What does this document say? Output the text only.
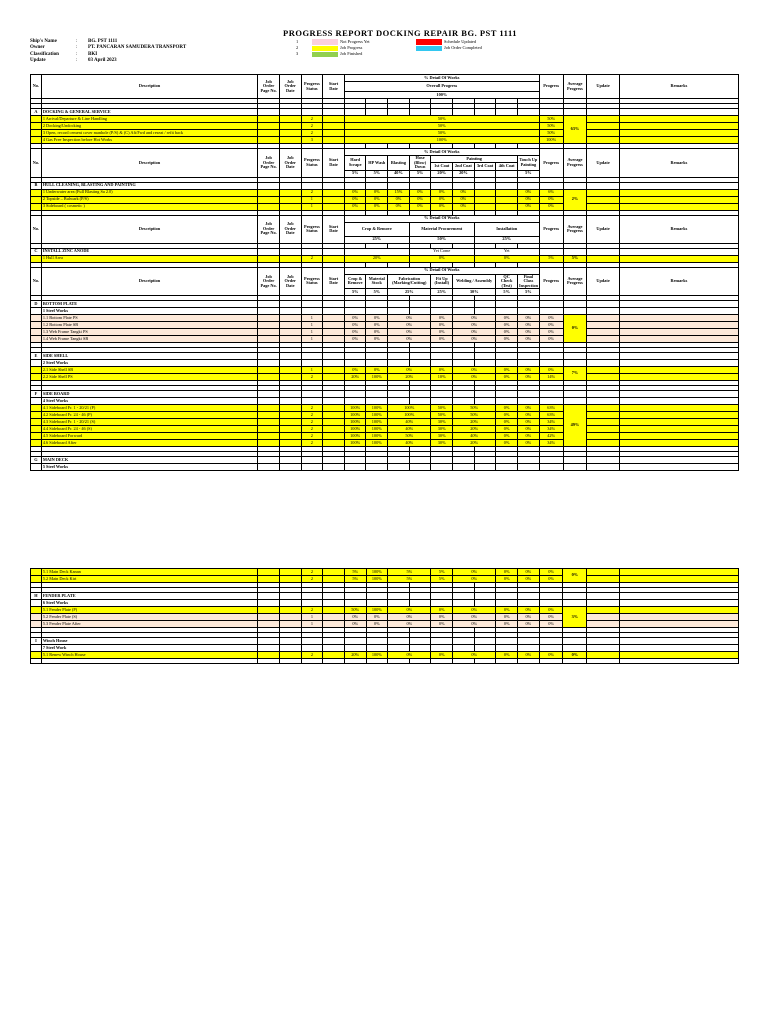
PROGRESS REPORT DOCKING REPAIR BG. PST 1111
Ship's Name	:	BG. PST 1111
Owner	:	PT. PANCARAN SAMUDERA TRANSPORT
Classification	:	BKI
Update	:	03 April 2023
1	Not Progress Yet	Schedule Updated
2	Job Progress	Job Order Completed
3	Job Finished
No.	Description	Job Order Page No.	Job Order Date	Progress Status	Start Date	% Detail Of Works									Progress	Average Progress	Update	Remarks
						Overall Progress												
						100%												

A	DOCKING & GENERAL SERVICE																	
	1 Arrival/Departure & Line Handling			2		50%									50%	63%		
	2 Docking/Undocking			2		50%									50%			
	3 Open, record cement cover manhole (P/S) & (C) Aft/Fwd and reseat / refit back			2		50%									50%			
	4 Gas Free Inspection before Hot Works			3		100%									100%			

No.	Description	Job Order Page No.	Job Order Date	Progress Status	Start Date	% Detail Of Works									Progress	Average Progress	Update	Remarks
						Hard Scrape	HP Wash	Blasting	Hose (Blow) Down	Painting				Touch Up Painting				
										1st Coat	2nd Coat	3rd Coat	4th Coat					
						5%	5%	40%	5%	20%	20%			5%				

B	HULL CLEANING, BLASTING AND PAINTING																	
	1 Underwater area (Full Blasting Sa 2.0)			2		0%	0%	15%	0%	0%	0%			0%	6%	2%		
	2 Topside – Bulwark (P/S)			1		0%	0%	0%	0%	0%	0%			0%	0%			
	3 Sideboard ( cosmetic )			1		0%	0%	0%	0%	0%	0%			0%	0%			

No.	Description	Job Order Page No.	Job Order Date	Progress Status	Start Date	% Detail Of Works									Progress	Average Progress	Update	Remarks
						Crop & Remove			Material Procurement			Installation						
						25%			50%			25%						

C	INSTALL ZINC ANODE								Yet Come			Yet						
	1 Hull Area			2		20%			0%			0%			5%	5%		

No.	Description	Job Order Page No.	Job Order Date	Progress Status	Start Date	% Detail Of Works									Progress	Average Progress	Update	Remarks
						Crop & Remove	Material Stock	Fabrication (Marking/Cutting)		Fit Up (Install)	Welding / Assembly		QC Check (Test)	Final Class Inspection				
						5%	5%	25%		25%	30%		5%	5%				

D	BOTTOM PLATE																	
	1 Steel Works																	
	1.1 Bottom Plate PS			1		0%	0%	0%		0%	0%		0%	0%	0%	0%		
	1.2 Bottom Plate SB			1		0%	0%	0%		0%	0%		0%	0%	0%			
	1.3 Web Frame Tangki PS			1		0%	0%	0%		0%	0%		0%	0%	0%			
	1.4 Web Frame Tangki SB			1		0%	0%	0%		0%	0%		0%	0%	0%			

E	SIDE SHELL																	
	2 Steel Works																	
	2.1 Side Shell SB			1		0%	0%	0%		0%	0%		0%	0%	0%	7%		
	2.2 Side Shell PS			2		20%	100%	20%		10%	0%		0%	0%	14%			

F	SIDE BOARD																	
	4 Steel Works																	
	4.1 Sideboard Fr. 1 - 20/21 (P)			2		100%	100%	100%		50%	50%		0%	0%	63%	49%		
	4.2 Sideboard Fr. 24 - 46 (P)			2		100%	100%	100%		50%	50%		0%	0%	63%			
	4.3 Sideboard Fr. 1 - 20/21 (S)			2		100%	100%	40%		30%	20%		0%	0%	34%			
	4.4 Sideboard Fr. 24 - 46 (S)			2		100%	100%	40%		30%	20%		0%	0%	34%			
	4.5 Sideboard Forward			2		100%	100%	50%		30%	40%		0%	0%	42%			
	4.6 Sideboard After			2		100%	100%	40%		30%	20%		0%	0%	34%			

G	MAIN DECK																	
	5 Steel Works																	
	5.1 Main Deck Kanan			2		5%	100%	5%		5%	0%		0%	0%	0%	0%		
	5.2 Main Deck Kiri			2		5%	100%	5%		5%	0%		0%	0%	0%			

H	FENDER PLATE																	
	6 Steel Works																	
	5.1 Fender Plate (P)			2		50%	100%	0%		0%	0%		0%	0%	0%	3%		
	5.2 Fender Plate (S)			1		0%	0%	0%		0%	0%		0%	0%	0%			
	5.3 Fender Plate After			1		0%	0%	0%		0%	0%		0%	0%	0%			

I	Winch House																	
	7 Steel Work																	
	5.1 Renew Winch House			2		20%	100%	0%		0%	0%		0%	0%	0%	0%		
